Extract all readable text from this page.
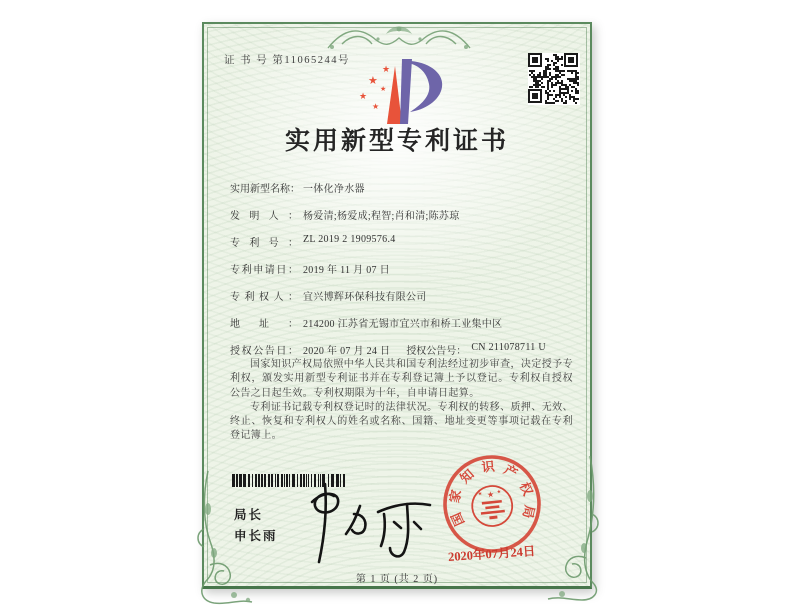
证 书 号 第11065244号
★
★
★
★
★
实用新型专利证书
实用新型名称： 一体化净水器
发明人： 杨爱清;杨爱成;程智;肖和清;陈苏琼
专利号： ZL 2019 2 1909576.4
专利申请日： 2019 年 11 月 07 日
专利权人： 宜兴博辉环保科技有限公司
地址： 214200 江苏省无锡市宜兴市和桥工业集中区
授权公告日： 2020 年 07 月 24 日 授权公告号： CN 211078711 U

国家知识产权局依照中华人民共和国专利法经过初步审查，决定授予专利权，颁发实用新型专利证书并在专利登记簿上予以登记。专利权自授权公告之日起生效。专利权期限为十年，自申请日起算。

专利证书记载专利权登记时的法律状况。专利权的转移、质押、无效、终止、恢复和专利权人的姓名或名称、国籍、地址变更等事项记载在专利登记簿上。

局长
申长雨
国
家
知 识 产
权
局
★
★	★
2020年07月24日
第 1 页 (共 2 页)
